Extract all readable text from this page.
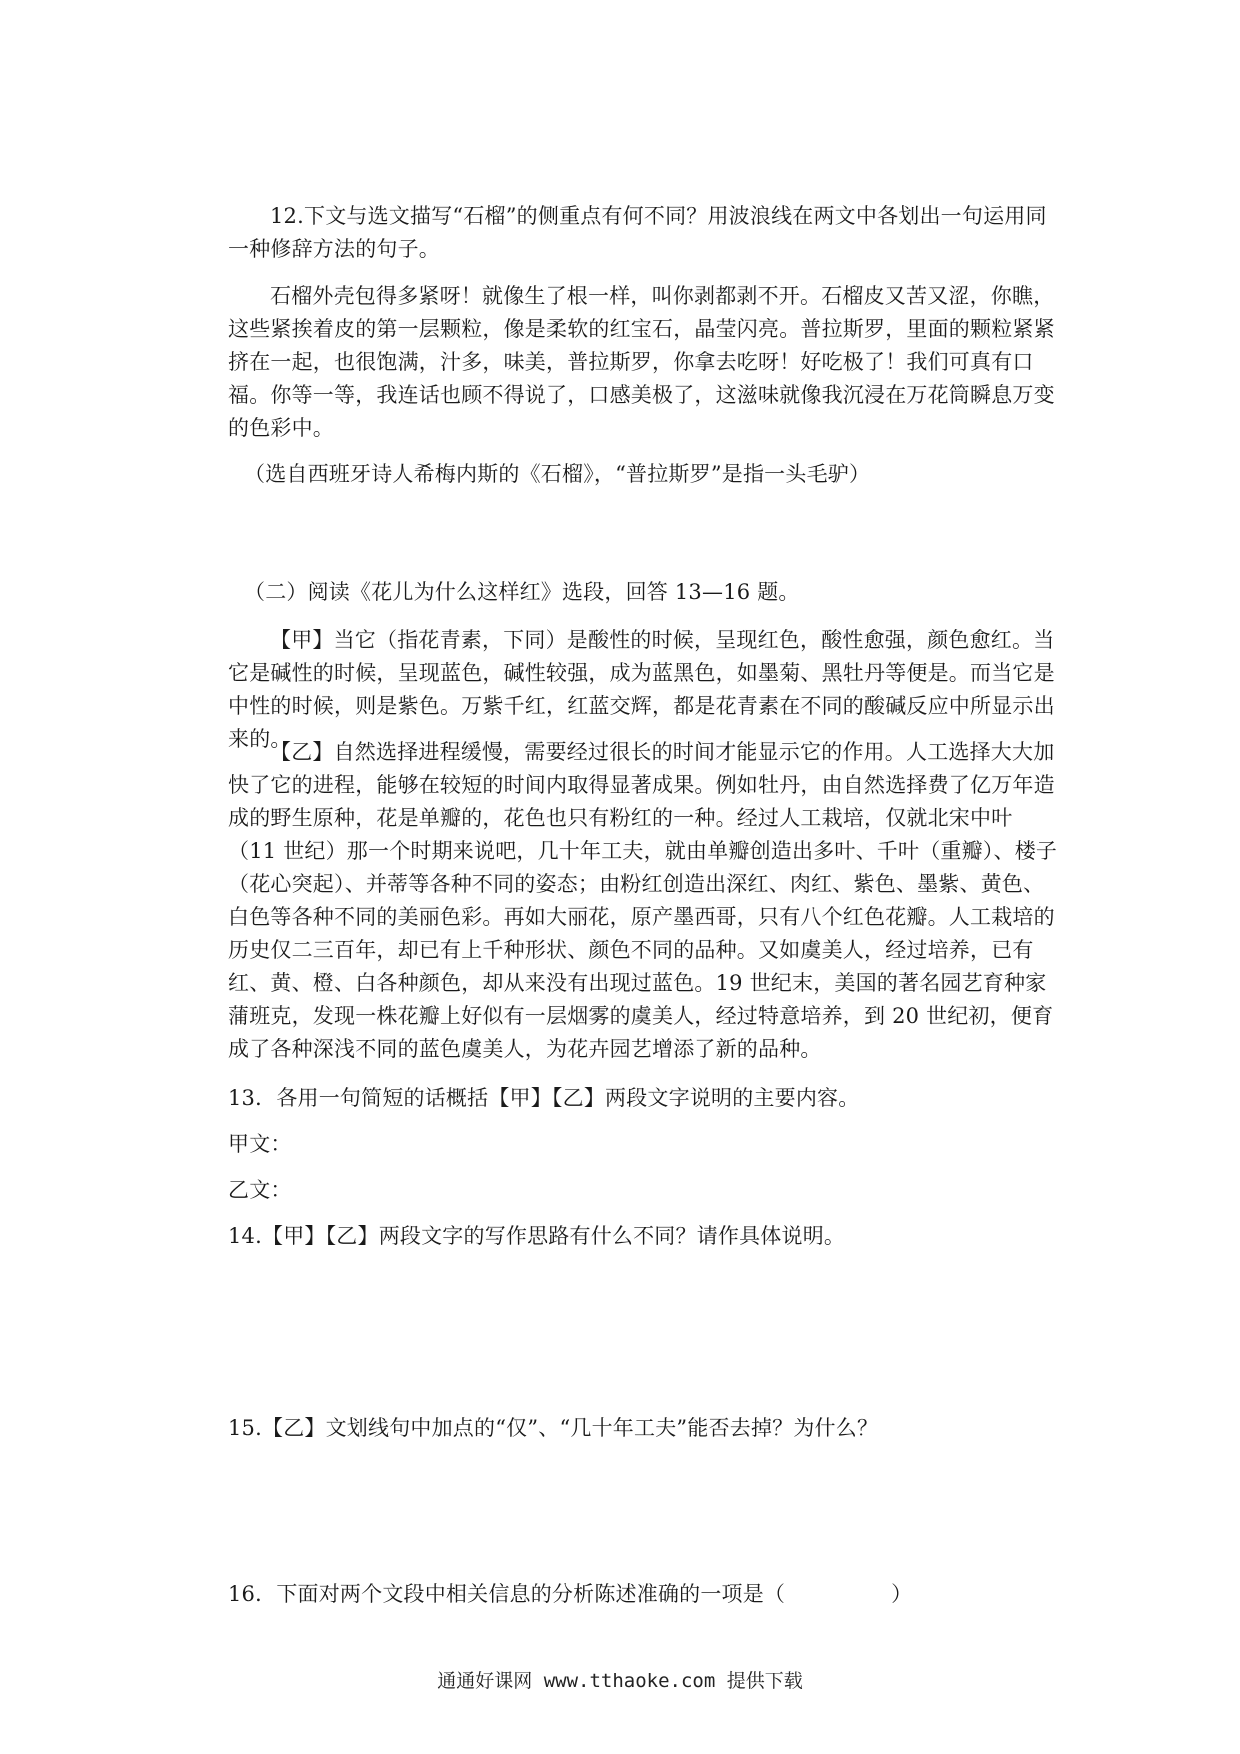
12.下文与选文描写“石榴”的侧重点有何不同？用波浪线在两文中各划出一句运用同一种修辞方法的句子。

石榴外壳包得多紧呀！就像生了根一样，叫你剥都剥不开。石榴皮又苦又涩，你瞧，这些紧挨着皮的第一层颗粒，像是柔软的红宝石，晶莹闪亮。普拉斯罗，里面的颗粒紧紧挤在一起，也很饱满，汁多，味美，普拉斯罗，你拿去吃呀！好吃极了！我们可真有口福。你等一等，我连话也顾不得说了，口感美极了，这滋味就像我沉浸在万花筒瞬息万变的色彩中。

（选自西班牙诗人希梅内斯的《石榴》，“普拉斯罗”是指一头毛驴）

（二）阅读《花儿为什么这样红》选段，回答 13—16 题。

【甲】当它（指花青素，下同）是酸性的时候，呈现红色，酸性愈强，颜色愈红。当它是碱性的时候，呈现蓝色，碱性较强，成为蓝黑色，如墨菊、黑牡丹等便是。而当它是中性的时候，则是紫色。万紫千红，红蓝交辉，都是花青素在不同的酸碱反应中所显示出来的。

【乙】自然选择进程缓慢，需要经过很长的时间才能显示它的作用。人工选择大大加快了它的进程，能够在较短的时间内取得显著成果。例如牡丹，由自然选择费了亿万年造成的野生原种，花是单瓣的，花色也只有粉红的一种。经过人工栽培，仅就北宋中叶（11 世纪）那一个时期来说吧，几十年工夫，就由单瓣创造出多叶、千叶（重瓣）、楼子（花心突起）、并蒂等各种不同的姿态；由粉红创造出深红、肉红、紫色、墨紫、黄色、白色等各种不同的美丽色彩。再如大丽花，原产墨西哥，只有八个红色花瓣。人工栽培的历史仅二三百年，却已有上千种形状、颜色不同的品种。又如虞美人，经过培养，已有红、黄、橙、白各种颜色，却从来没有出现过蓝色。19 世纪末，美国的著名园艺育种家蒲班克，发现一株花瓣上好似有一层烟雾的虞美人，经过特意培养，到 20 世纪初，便育成了各种深浅不同的蓝色虞美人，为花卉园艺增添了新的品种。

13．各用一句简短的话概括【甲】【乙】两段文字说明的主要内容。

甲文：

乙文：

14.【甲】【乙】两段文字的写作思路有什么不同？请作具体说明。

15.【乙】文划线句中加点的“仅”、“几十年工夫”能否去掉？为什么？

16．下面对两个文段中相关信息的分析陈述准确的一项是（　　　　　）

通通好课网 www.tthaoke.com 提供下载
